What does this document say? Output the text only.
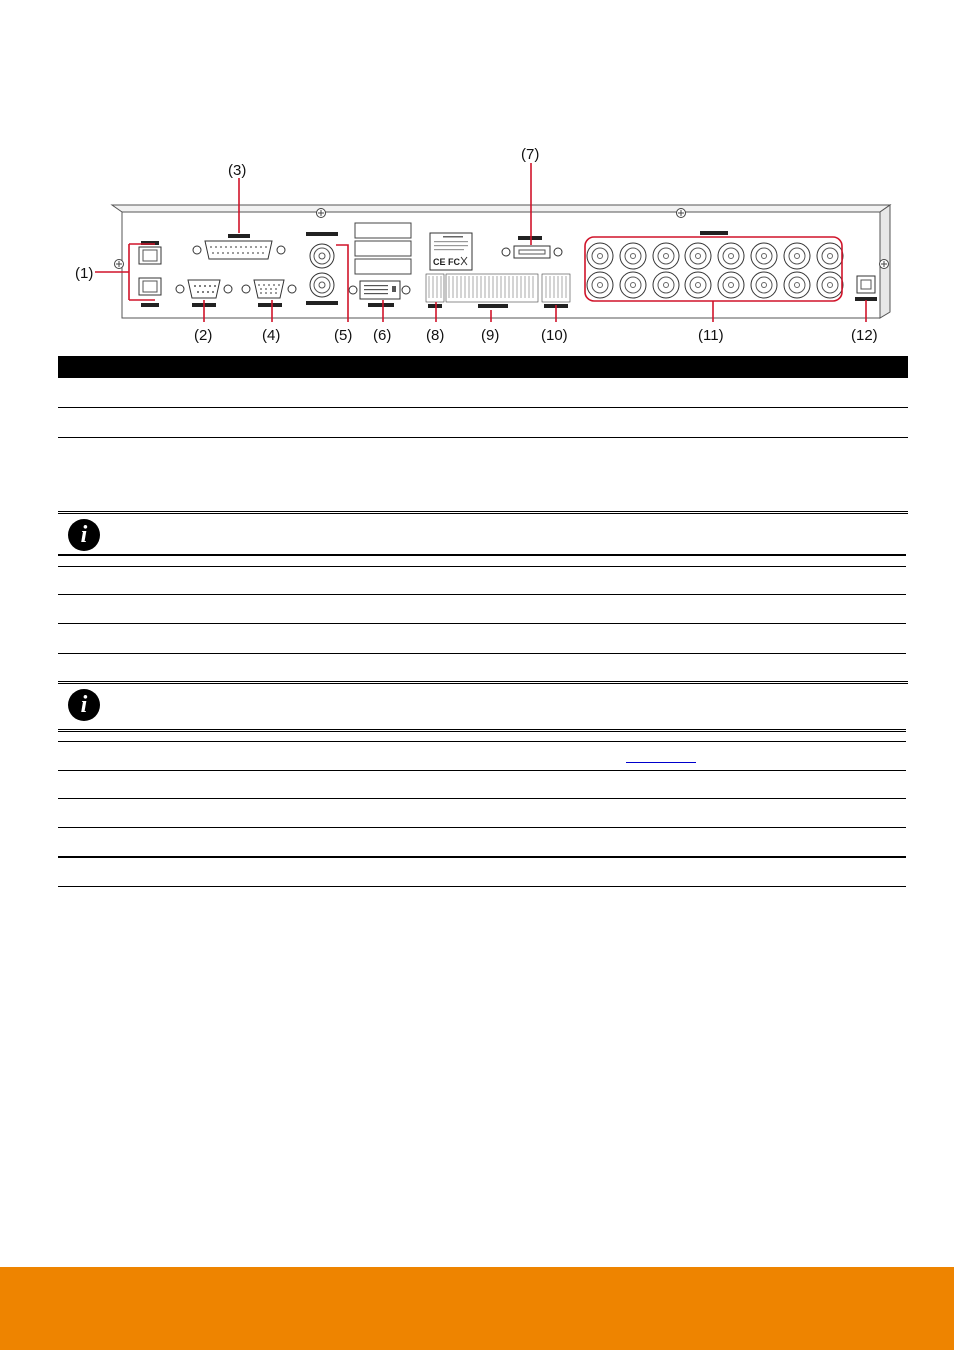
CE FC
(1)
(2)
(3)
(4)	(5) (6)
(7)
(8) (9)	(10)	(11)	(12)
i
i
